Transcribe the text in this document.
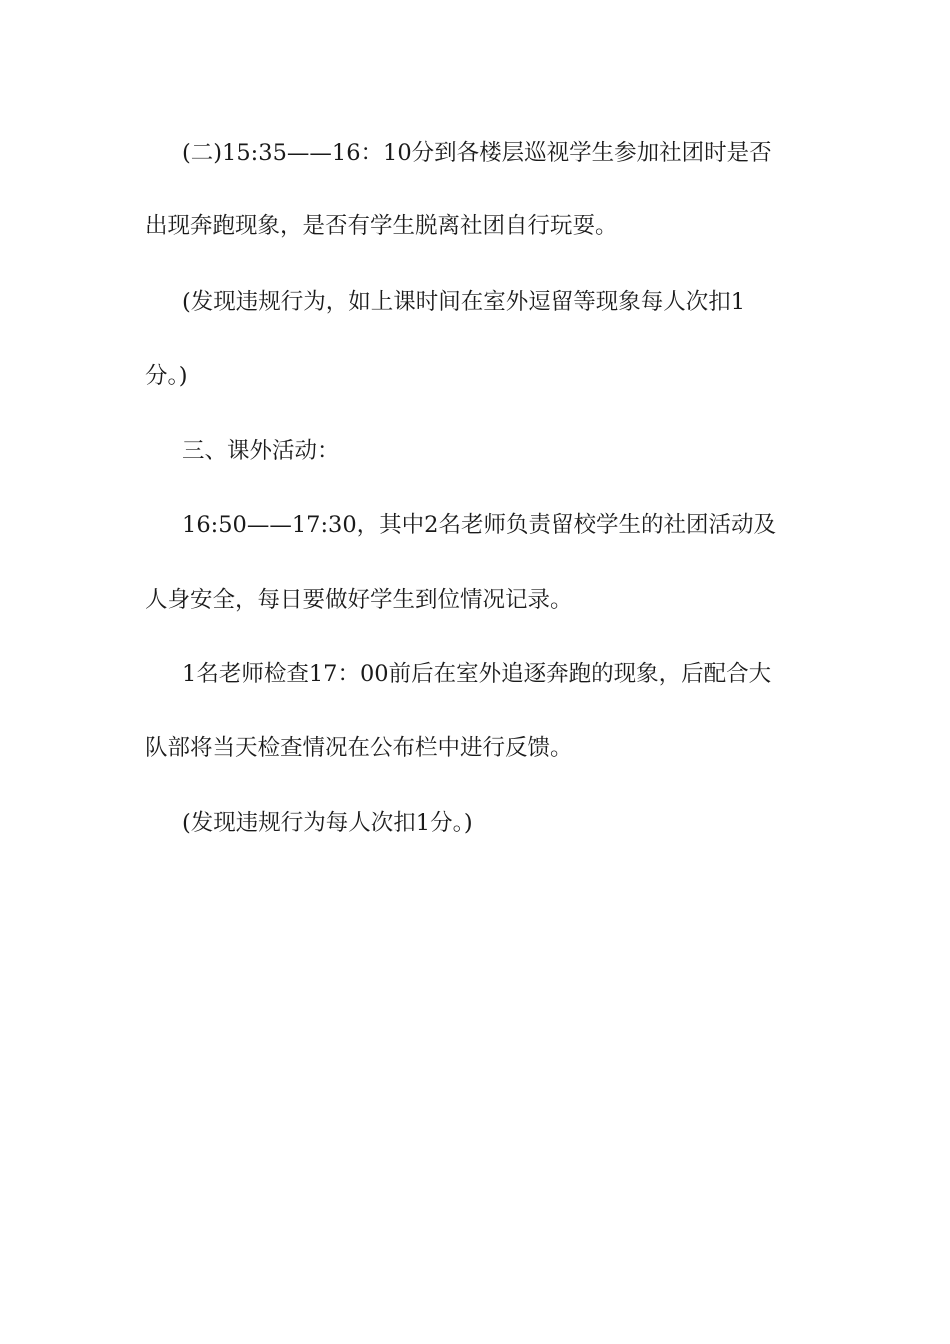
(二)15:35——16：10分到各楼层巡视学生参加社团时是否
出现奔跑现象，是否有学生脱离社团自行玩耍。
(发现违规行为，如上课时间在室外逗留等现象每人次扣1
分。)
三、课外活动：
16:50——17:30，其中2名老师负责留校学生的社团活动及
人身安全，每日要做好学生到位情况记录。
1名老师检查17：00前后在室外追逐奔跑的现象，后配合大
队部将当天检查情况在公布栏中进行反馈。
(发现违规行为每人次扣1分。)
